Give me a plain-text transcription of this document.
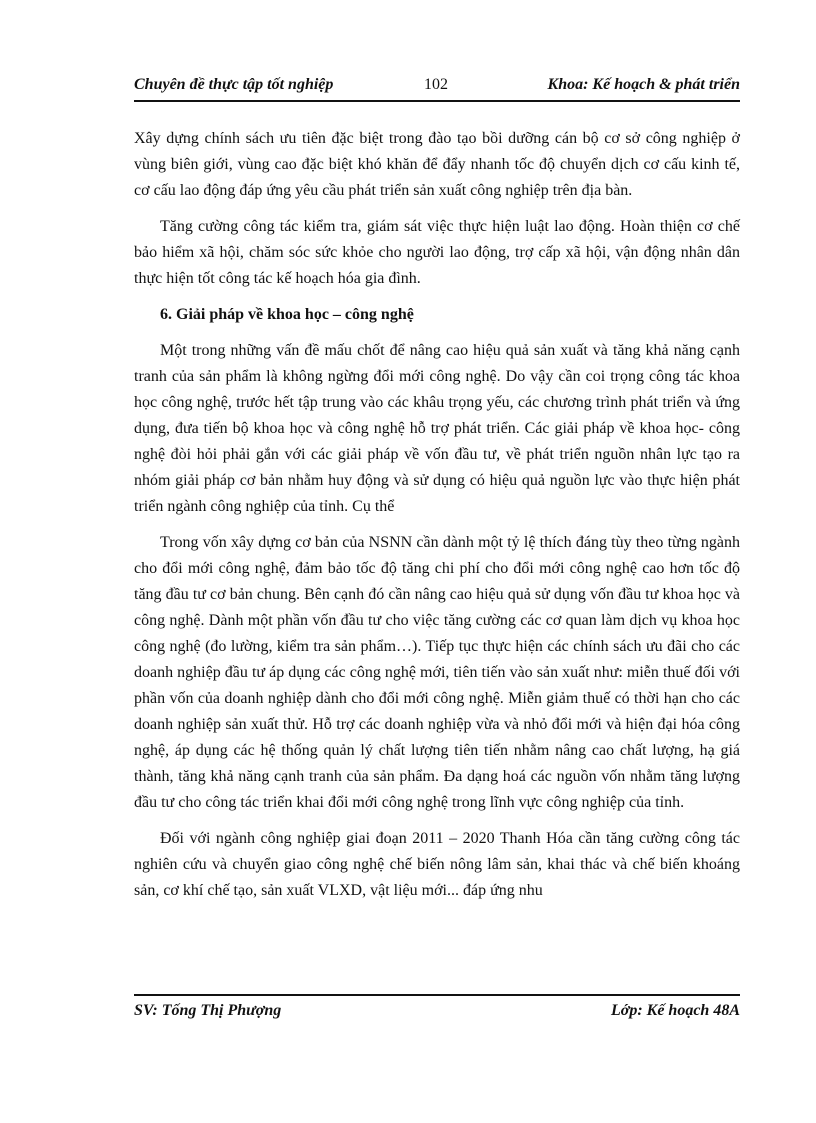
Chuyên đề thực tập tốt nghiệp	102	Khoa: Kế hoạch & phát triển

Xây dựng chính sách ưu tiên đặc biệt trong đào tạo bồi dưỡng cán bộ cơ sở công nghiệp ở vùng biên giới, vùng cao đặc biệt khó khăn để đẩy nhanh tốc độ chuyển dịch cơ cấu kinh tế, cơ cấu lao động đáp ứng yêu cầu phát triển sản xuất công nghiệp trên địa bàn.

Tăng cường công tác kiểm tra, giám sát việc thực hiện luật lao động. Hoàn thiện cơ chế bảo hiểm xã hội, chăm sóc sức khỏe cho người lao động, trợ cấp xã hội, vận động nhân dân thực hiện tốt công tác kế hoạch hóa gia đình.

6. Giải pháp về khoa học – công nghệ

Một trong những vấn đề mấu chốt để nâng cao hiệu quả sản xuất và tăng khả năng cạnh tranh của sản phẩm là không ngừng đổi mới công nghệ. Do vậy cần coi trọng công tác khoa học công nghệ, trước hết tập trung vào các khâu trọng yếu, các chương trình phát triển và ứng dụng, đưa tiến bộ khoa học và công nghệ hỗ trợ phát triển. Các giải pháp về khoa học- công nghệ đòi hỏi phải gắn với các giải pháp về vốn đầu tư, về phát triển nguồn nhân lực tạo ra nhóm giải pháp cơ bản nhằm huy động và sử dụng có hiệu quả nguồn lực vào thực hiện phát triển ngành công nghiệp của tỉnh. Cụ thể

Trong vốn xây dựng cơ bản của NSNN cần dành một tỷ lệ thích đáng tùy theo từng ngành cho đổi mới công nghệ, đảm bảo tốc độ tăng chi phí cho đổi mới công nghệ cao hơn tốc độ tăng đầu tư cơ bản chung. Bên cạnh đó cần nâng cao hiệu quả sử dụng vốn đầu tư khoa học và công nghệ. Dành một phần vốn đầu tư cho việc tăng cường các cơ quan làm dịch vụ khoa học công nghệ (đo lường, kiểm tra sản phẩm…). Tiếp tục thực hiện các chính sách ưu đãi cho các doanh nghiệp đầu tư áp dụng các công nghệ mới, tiên tiến vào sản xuất như: miễn thuế đối với phần vốn của doanh nghiệp dành cho đổi mới công nghệ. Miễn giảm thuế có thời hạn cho các doanh nghiệp sản xuất thử. Hỗ trợ các doanh nghiệp vừa và nhỏ đổi mới và hiện đại hóa công nghệ, áp dụng các hệ thống quản lý chất lượng tiên tiến nhằm nâng cao chất lượng, hạ giá thành, tăng khả năng cạnh tranh của sản phẩm. Đa dạng hoá các nguồn vốn nhằm tăng lượng đầu tư cho công tác triển khai đổi mới công nghệ trong lĩnh vực công nghiệp của tỉnh.

Đối với ngành công nghiệp giai đoạn 2011 – 2020 Thanh Hóa cần tăng cường công tác nghiên cứu và chuyển giao công nghệ chế biến nông lâm sản, khai thác và chế biến khoáng sản, cơ khí chế tạo, sản xuất VLXD, vật liệu mới... đáp ứng nhu

SV: Tống Thị Phượng	Lớp: Kế hoạch 48A
